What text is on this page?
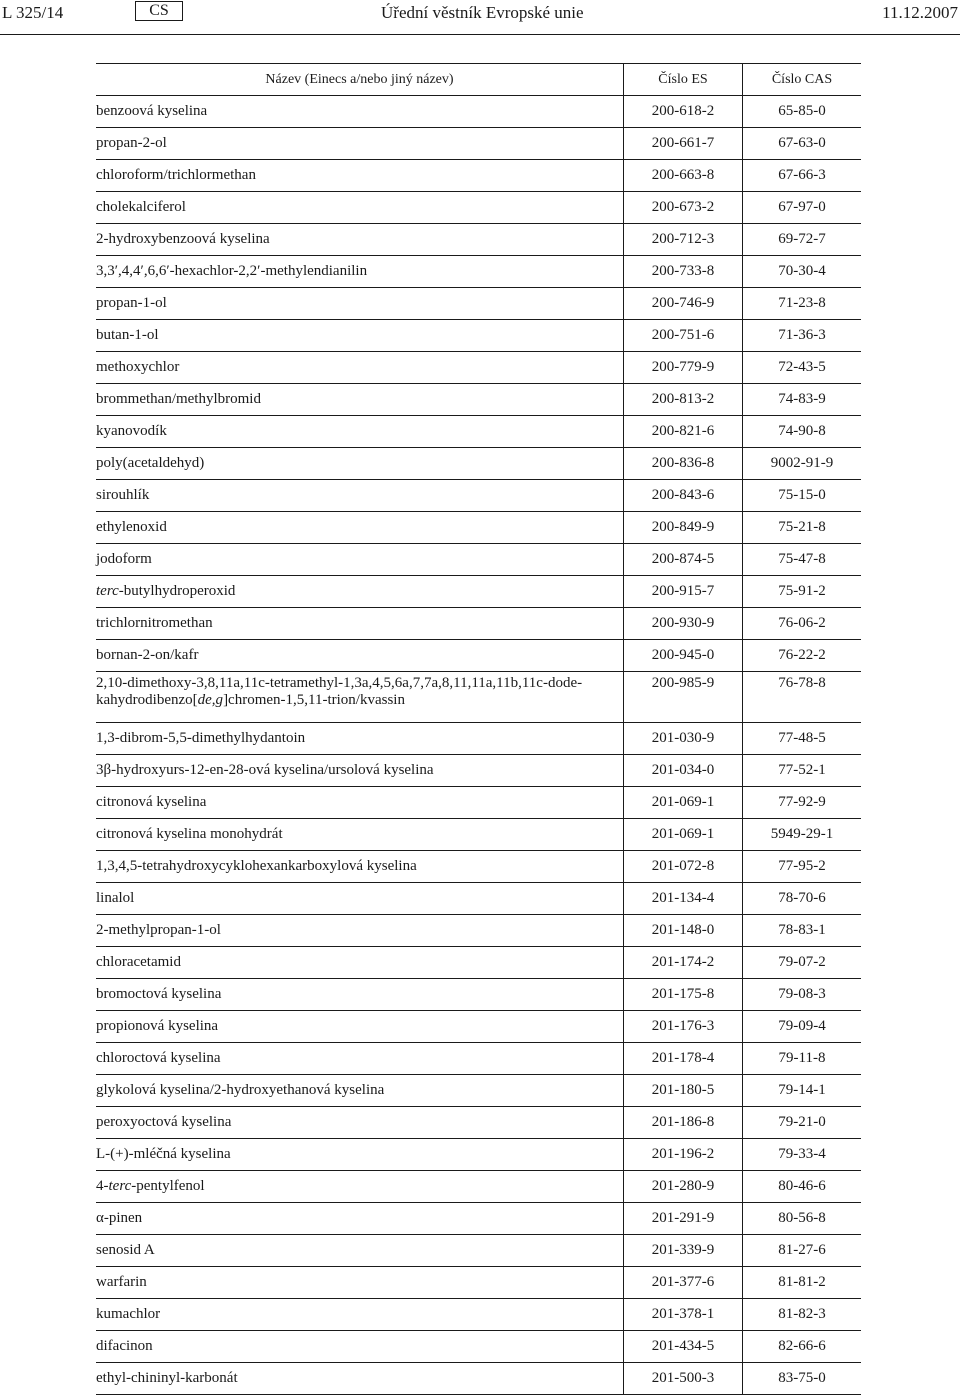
L 325/14	CS	Úřední věstník Evropské unie	11.12.2007
Název (Einecs a/nebo jiný název)	Číslo ES	Číslo CAS
benzoová kyselina	200-618-2	65-85-0
propan-2-ol	200-661-7	67-63-0
chloroform/trichlormethan	200-663-8	67-66-3
cholekalciferol	200-673-2	67-97-0
2-hydroxybenzoová kyselina	200-712-3	69-72-7
3,3′,4,4′,6,6′-hexachlor-2,2′-methylendianilin	200-733-8	70-30-4
propan-1-ol	200-746-9	71-23-8
butan-1-ol	200-751-6	71-36-3
methoxychlor	200-779-9	72-43-5
brommethan/methylbromid	200-813-2	74-83-9
kyanovodík	200-821-6	74-90-8
poly(acetaldehyd)	200-836-8	9002-91-9
sirouhlík	200-843-6	75-15-0
ethylenoxid	200-849-9	75-21-8
jodoform	200-874-5	75-47-8
terc-butylhydroperoxid	200-915-7	75-91-2
trichlornitromethan	200-930-9	76-06-2
bornan-2-on/kafr	200-945-0	76-22-2
2,10-dimethoxy-3,8,11a,11c-tetramethyl-1,3a,4,5,6a,7,7a,8,11,11a,11b,11c-dode-
kahydrodibenzo[de,g]chromen-1,5,11-trion/kvassin	200-985-9	76-78-8
1,3-dibrom-5,5-dimethylhydantoin	201-030-9	77-48-5
3β-hydroxyurs-12-en-28-ová kyselina/ursolová kyselina	201-034-0	77-52-1
citronová kyselina	201-069-1	77-92-9
citronová kyselina monohydrát	201-069-1	5949-29-1
1,3,4,5-tetrahydroxycyklohexankarboxylová kyselina	201-072-8	77-95-2
linalol	201-134-4	78-70-6
2-methylpropan-1-ol	201-148-0	78-83-1
chloracetamid	201-174-2	79-07-2
bromoctová kyselina	201-175-8	79-08-3
propionová kyselina	201-176-3	79-09-4
chloroctová kyselina	201-178-4	79-11-8
glykolová kyselina/2-hydroxyethanová kyselina	201-180-5	79-14-1
peroxyoctová kyselina	201-186-8	79-21-0
L-(+)-mléčná kyselina	201-196-2	79-33-4
4-terc-pentylfenol	201-280-9	80-46-6
α-pinen	201-291-9	80-56-8
senosid A	201-339-9	81-27-6
warfarin	201-377-6	81-81-2
kumachlor	201-378-1	81-82-3
difacinon	201-434-5	82-66-6
ethyl-chininyl-karbonát	201-500-3	83-75-0
